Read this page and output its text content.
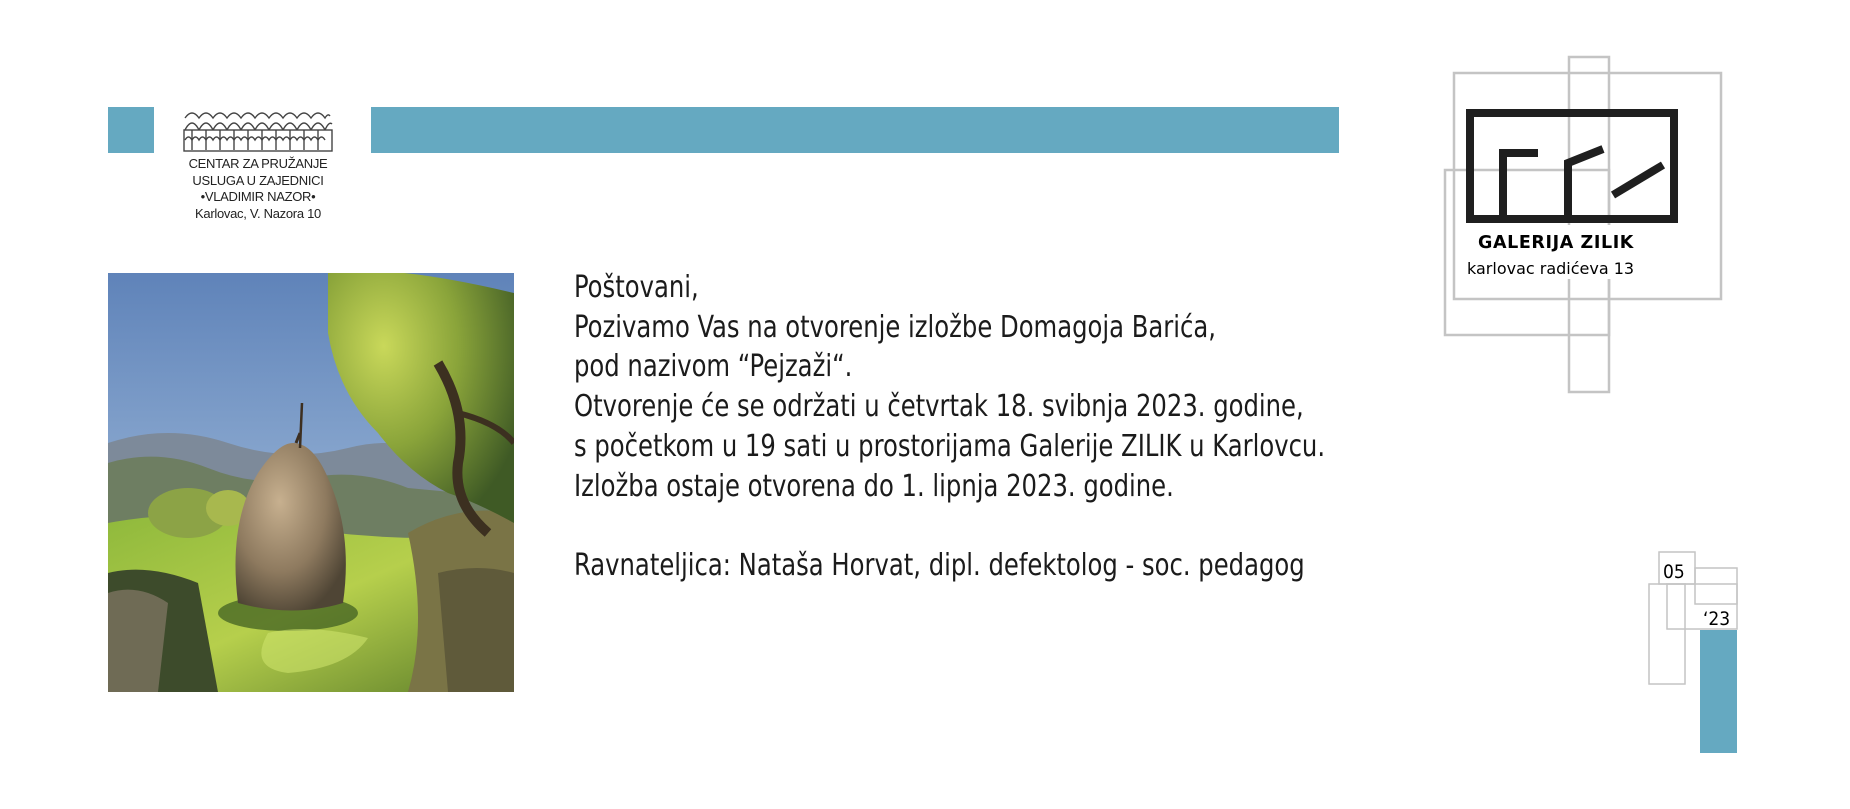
CENTAR ZA PRUŽANJE
USLUGA U ZAJEDNICI
•VLADIMIR NAZOR•
Karlovac, V. Nazora 10

Poštovani,

Pozivamo Vas na otvorenje izložbe Domagoja Barića,

pod nazivom “Pejzaži“.

Otvorenje će se održati u četvrtak 18. svibnja 2023. godine,

s početkom u 19 sati u prostorijama Galerije ZILIK u Karlovcu.

Izložba ostaje otvorena do 1. lipnja 2023. godine.

Ravnateljica: Nataša Horvat, dipl. defektolog - soc. pedagog

GALERIJA ZILIK
karlovac radićeva 13
05
‘23
